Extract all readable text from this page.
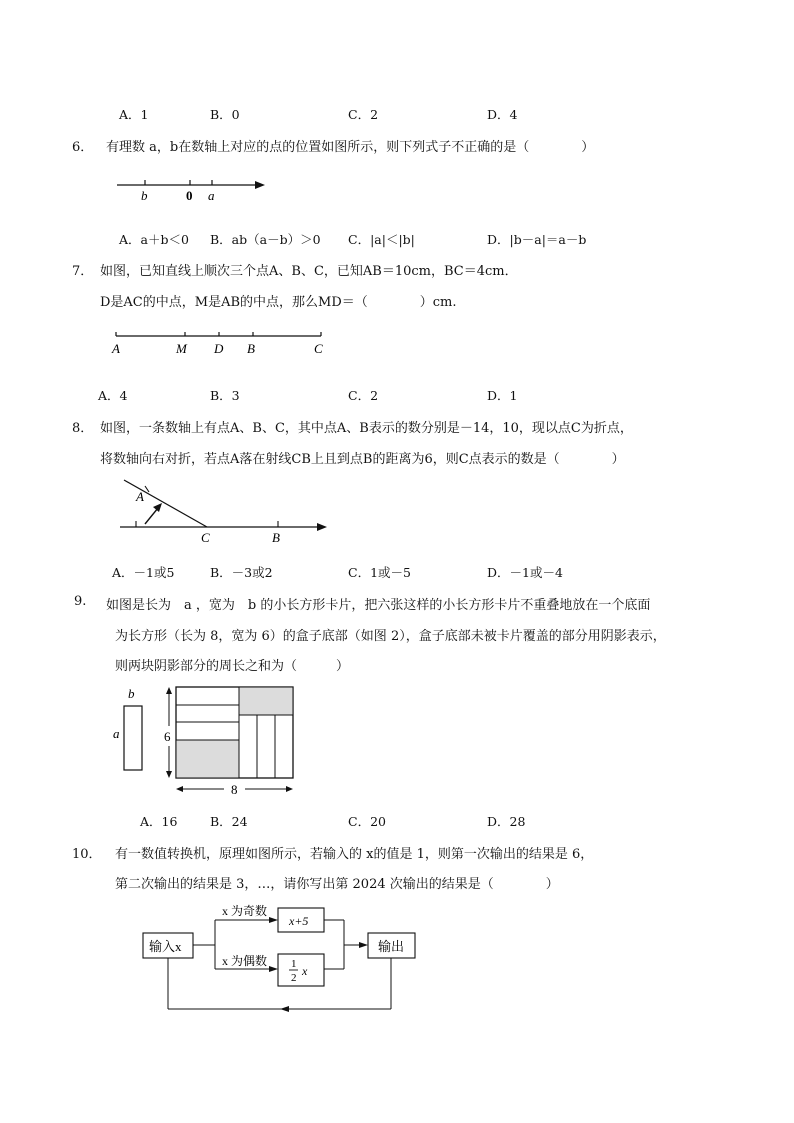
A．1	B．0	C．2	D．4
6． 有理数 a，b在数轴上对应的点的位置如图所示，则下列式子不正确的是（　　　　）
b	0 a
A．a＋b＜0 B．ab（a－b）＞0 C．|a|＜|b|	D．|b－a|＝a－b
7． 如图，已知直线上顺次三个点A、B、C，已知AB＝10cm，BC＝4cm．
D是AC的中点，M是AB的中点，那么MD＝（　　　　）cm.
A	M D B	C
A．4	B．3	C．2	D．1
8． 如图，一条数轴上有点A、B、C，其中点A、B表示的数分别是－14，10，现以点C为折点，
将数轴向右对折，若点A落在射线CB上且到点B的距离为6，则C点表示的数是（　　　　）
A
C	B
A．－1或5	B．－3或2	C．1或－5	D．－1或－4
9. 如图是长为　a ，宽为　b 的小长方形卡片，把六张这样的小长方形卡片不重叠地放在一个底面
为长方形（长为 8，宽为 6）的盒子底部（如图 2），盒子底部未被卡片覆盖的部分用阴影表示，
则两块阴影部分的周长之和为（　　　）
b
a	6
8
A．16	B．24	C．20	D．28
10． 有一数值转换机，原理如图所示，若输入的 x的值是 1，则第一次输出的结果是 6，
第二次输出的结果是 3，…，请你写出第 2024 次输出的结果是（　　　　）
输入x
x 为奇数
x 为偶数
x+5
1
2 x
输出
